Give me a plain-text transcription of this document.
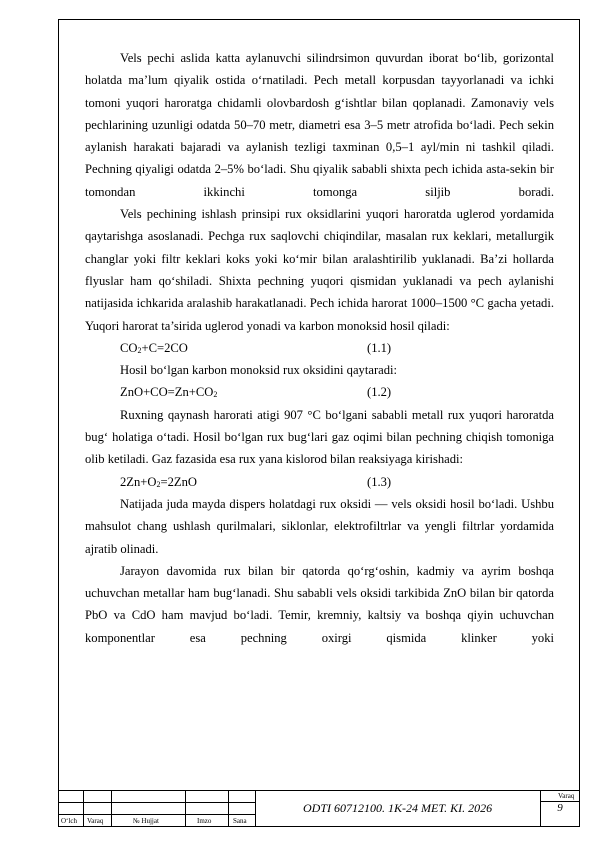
Vels pechi aslida katta aylanuvchi silindrsimon quvurdan iborat bo‘lib, gorizontal holatda ma’lum qiyalik ostida o‘rnatiladi. Pech metall korpusdan tayyorlanadi va ichki tomoni yuqori haroratga chidamli olovbardosh g‘ishtlar bilan qoplanadi. Zamonaviy vels pechlarining uzunligi odatda 50–70 metr, diametri esa 3–5 metr atrofida bo‘ladi. Pech sekin aylanish harakati bajaradi va aylanish tezligi taxminan 0,5–1 ayl/min ni tashkil qiladi. Pechning qiyaligi odatda 2–5% bo‘ladi. Shu qiyalik sababli shixta pech ichida asta-sekin bir tomondan ikkinchi tomonga siljib boradi.

Vels pechining ishlash prinsipi rux oksidlarini yuqori haroratda uglerod yordamida qaytarishga asoslanadi. Pechga rux saqlovchi chiqindilar, masalan rux keklari, metallurgik changlar yoki filtr keklari koks yoki ko‘mir bilan aralashtirilib yuklanadi. Ba’zi hollarda flyuslar ham qo‘shiladi. Shixta pechning yuqori qismidan yuklanadi va pech aylanishi natijasida ichkarida aralashib harakatlanadi. Pech ichida harorat 1000–1500 °C gacha yetadi. Yuqori harorat ta’sirida uglerod yonadi va karbon monoksid hosil qiladi:

$CO_2+C=2CO$	(1.1)

Hosil bo‘lgan karbon monoksid rux oksidini qaytaradi:

$ZnO+CO=Zn+CO_2$	(1.2)

Ruxning qaynash harorati atigi 907 °C bo‘lgani sababli metall rux yuqori haroratda bug‘ holatiga o‘tadi. Hosil bo‘lgan rux bug‘lari gaz oqimi bilan pechning chiqish tomoniga olib ketiladi. Gaz fazasida esa rux yana kislorod bilan reaksiyaga kirishadi:

$2Zn+O_2=2ZnO$	(1.3)

Natijada juda mayda dispers holatdagi rux oksidi — vels oksidi hosil bo‘ladi. Ushbu mahsulot chang ushlash qurilmalari, siklonlar, elektrofiltrlar va yengli filtrlar yordamida ajratib olinadi.

Jarayon davomida rux bilan bir qatorda qo‘rg‘oshin, kadmiy va ayrim boshqa uchuvchan metallar ham bug‘lanadi. Shu sababli vels oksidi tarkibida ZnO bilan bir qatorda PbO va CdO ham mavjud bo‘ladi. Temir, kremniy, kaltsiy va boshqa qiyin uchuvchan komponentlar esa pechning oxirgi qismida klinker yoki

O‘lch Varaq	№ Hujjat	Imzo	Sana
ODTI 60712100. 1K-24 MET. KI. 2026
Varaq
9
